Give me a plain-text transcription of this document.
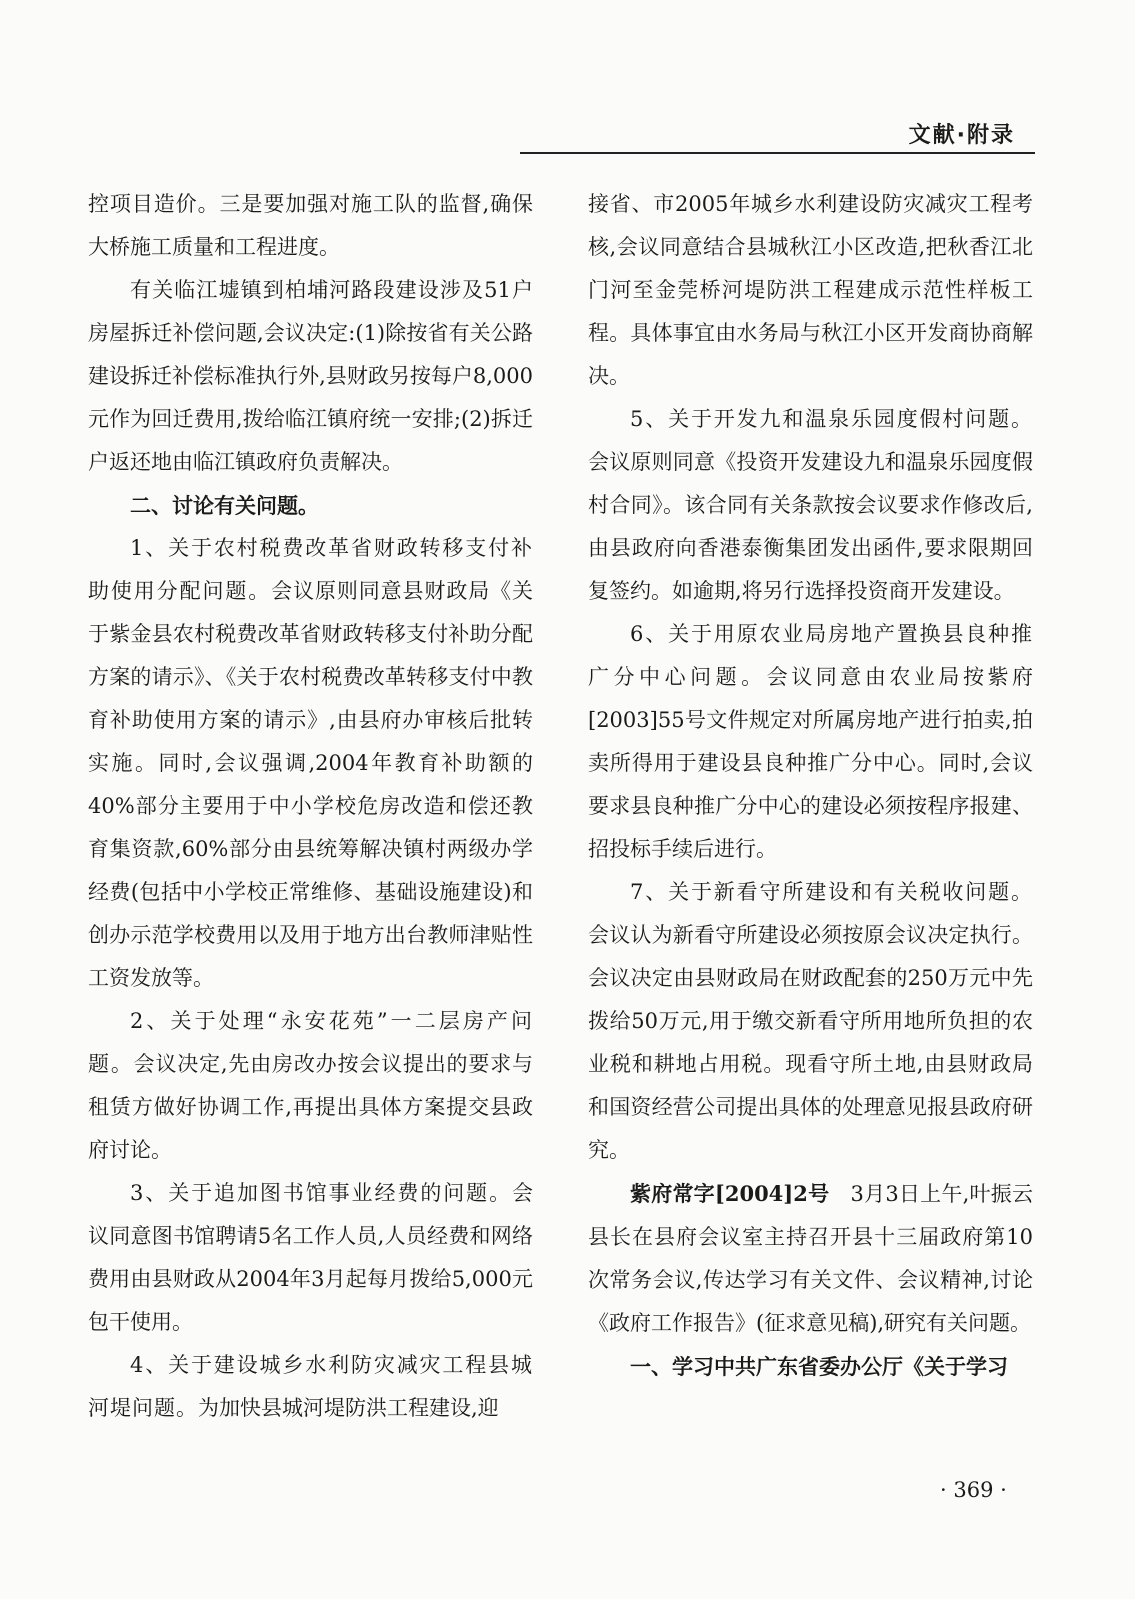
文献·附录

控项目造价。三是要加强对施工队的监督,确保大桥施工质量和工程进度。

有关临江墟镇到柏埔河路段建设涉及51户房屋拆迁补偿问题,会议决定:(1)除按省有关公路建设拆迁补偿标准执行外,县财政另按每户8,000元作为回迁费用,拨给临江镇府统一安排;(2)拆迁户返还地由临江镇政府负责解决。

二、讨论有关问题。

1、关于农村税费改革省财政转移支付补助使用分配问题。会议原则同意县财政局《关于紫金县农村税费改革省财政转移支付补助分配方案的请示》、《关于农村税费改革转移支付中教育补助使用方案的请示》,由县府办审核后批转实施。同时,会议强调,2004年教育补助额的40%部分主要用于中小学校危房改造和偿还教育集资款,60%部分由县统筹解决镇村两级办学经费(包括中小学校正常维修、基础设施建设)和创办示范学校费用以及用于地方出台教师津贴性工资发放等。

2、关于处理“永安花苑”一二层房产问题。会议决定,先由房改办按会议提出的要求与租赁方做好协调工作,再提出具体方案提交县政府讨论。

3、关于追加图书馆事业经费的问题。会议同意图书馆聘请5名工作人员,人员经费和网络费用由县财政从2004年3月起每月拨给5,000元包干使用。

4、关于建设城乡水利防灾减灾工程县城河堤问题。为加快县城河堤防洪工程建设,迎

接省、市2005年城乡水利建设防灾减灾工程考核,会议同意结合县城秋江小区改造,把秋香江北门河至金莞桥河堤防洪工程建成示范性样板工程。具体事宜由水务局与秋江小区开发商协商解决。

5、关于开发九和温泉乐园度假村问题。会议原则同意《投资开发建设九和温泉乐园度假村合同》。该合同有关条款按会议要求作修改后,由县政府向香港泰衡集团发出函件,要求限期回复签约。如逾期,将另行选择投资商开发建设。

6、关于用原农业局房地产置换县良种推广分中心问题。会议同意由农业局按紫府[2003]55号文件规定对所属房地产进行拍卖,拍卖所得用于建设县良种推广分中心。同时,会议要求县良种推广分中心的建设必须按程序报建、招投标手续后进行。

7、关于新看守所建设和有关税收问题。会议认为新看守所建设必须按原会议决定执行。会议决定由县财政局在财政配套的250万元中先拨给50万元,用于缴交新看守所用地所负担的农业税和耕地占用税。现看守所土地,由县财政局和国资经营公司提出具体的处理意见报县政府研究。

紫府常字[2004]2号　 3月3日上午,叶振云县长在县府会议室主持召开县十三届政府第10次常务会议,传达学习有关文件、会议精神,讨论《政府工作报告》(征求意见稿),研究有关问题。

一、学习中共广东省委办公厅《关于学习

· 369 ·
